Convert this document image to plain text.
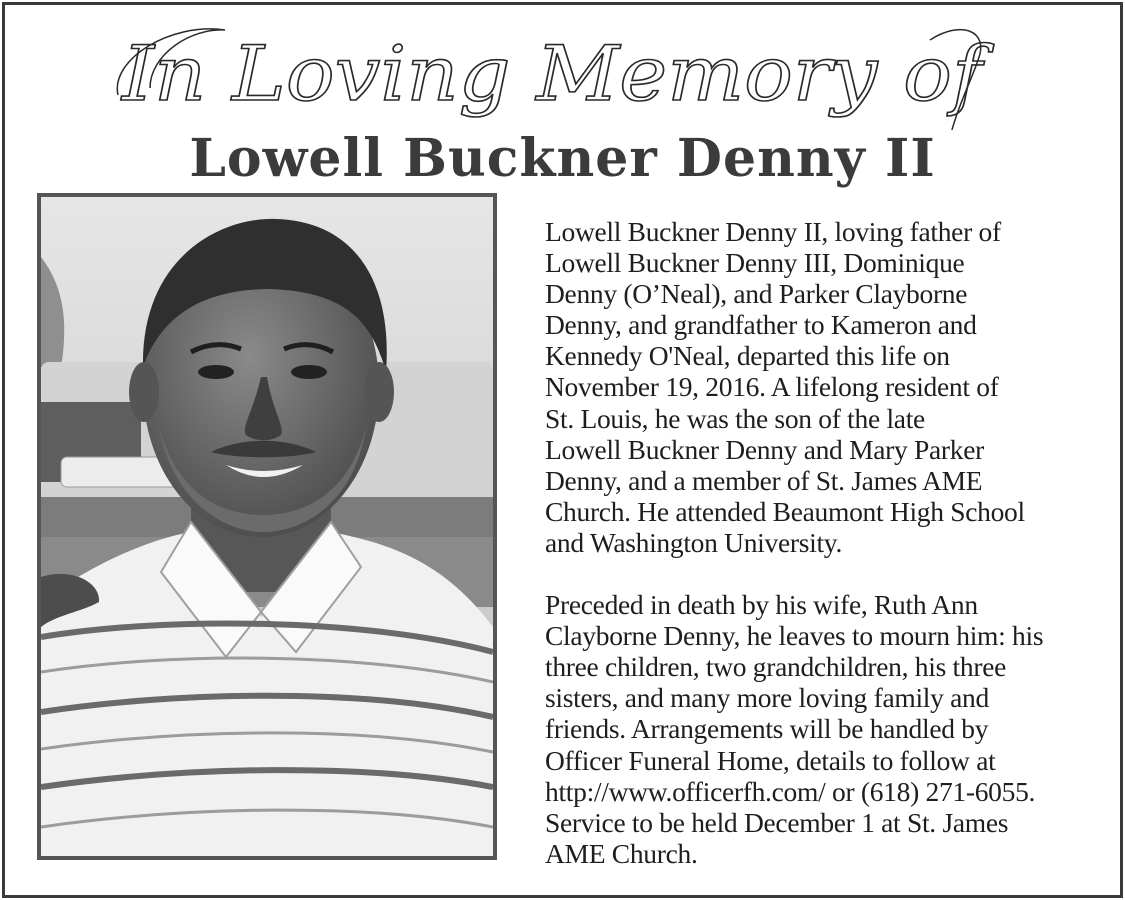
In Loving Memory of
Lowell Buckner Denny II

Lowell Buckner Denny II, loving father of

Lowell Buckner Denny III, Dominique

Denny (O’Neal), and Parker Clayborne

Denny, and grandfather to Kameron and

Kennedy O'Neal, departed this life on

November 19, 2016. A lifelong resident of

St. Louis, he was the son of the late

Lowell Buckner Denny and Mary Parker

Denny, and a member of St. James AME

Church. He attended Beaumont High School

and Washington University.

Preceded in death by his wife, Ruth Ann

Clayborne Denny, he leaves to mourn him: his

three children, two grandchildren, his three

sisters, and many more loving family and

friends. Arrangements will be handled by

Officer Funeral Home, details to follow at

http://www.officerfh.com/ or (618) 271-6055.

Service to be held December 1 at St. James

AME Church.
